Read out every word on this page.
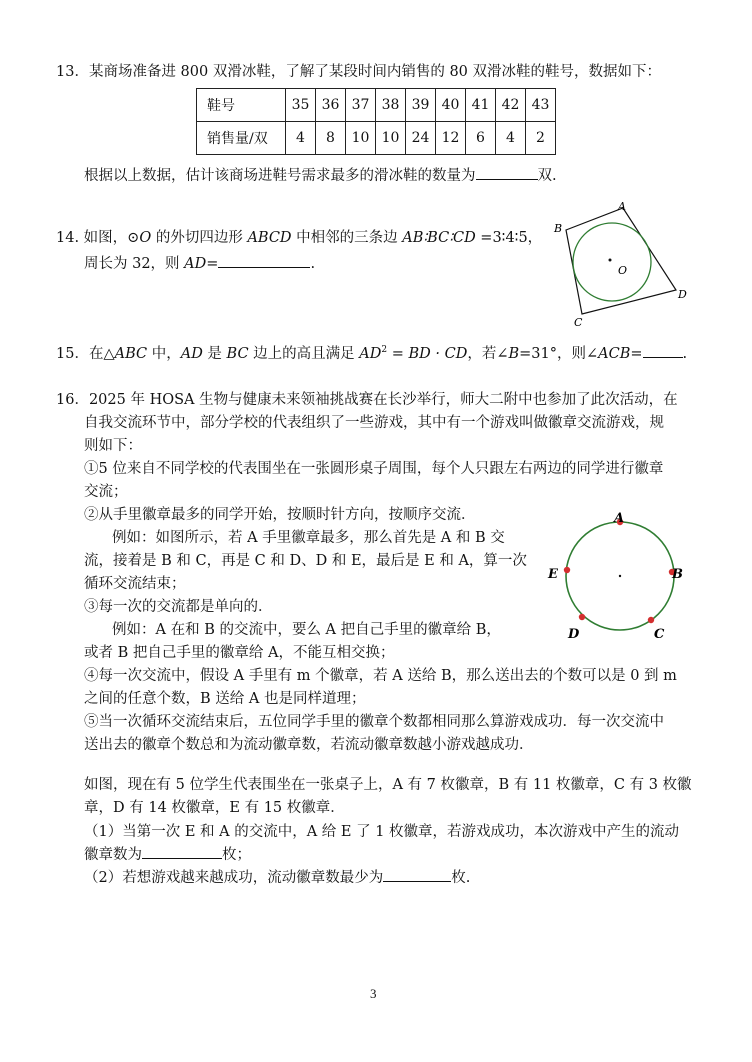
13．某商场准备进 800 双滑冰鞋，了解了某段时间内销售的 80 双滑冰鞋的鞋号，数据如下：
鞋号	35	36	37	38	39	40	41	42	43
销售量/双	4	8	10	10	24	12	6	4	2
根据以上数据，估计该商场进鞋号需求最多的滑冰鞋的数量为	双.
14. 如图，⊙O 的外切四边形 ABCD 中相邻的三条边 AB∶BC∶CD =3∶4∶5，
周长为 32，则 AD=	.	O
A
B
C
D
15．在△ABC 中，AD 是 BC 边上的高且满足 $AD^2$ = BD · CD，若∠B=31°，则∠ACB=	.
16．2025 年 HOSA 生物与健康未来领袖挑战赛在长沙举行，师大二附中也参加了此次活动，在
自我交流环节中，部分学校的代表组织了一些游戏，其中有一个游戏叫做徽章交流游戏，规
则如下：
①5 位来自不同学校的代表围坐在一张圆形桌子周围，每个人只跟左右两边的同学进行徽章
交流；
②从手里徽章最多的同学开始，按顺时针方向，按顺序交流．
例如：如图所示，若 A 手里徽章最多，那么首先是 A 和 B 交
流，接着是 B 和 C，再是 C 和 D、D 和 E，最后是 E 和 A，算一次
循环交流结束；
③每一次的交流都是单向的．
例如：A 在和 B 的交流中，要么 A 把自己手里的徽章给 B，
或者 B 把自己手里的徽章给 A，不能互相交换；
④每一次交流中，假设 A 手里有 m 个徽章，若 A 送给 B，那么送出去的个数可以是 0 到 m
之间的任意个数，B 送给 A 也是同样道理；
⑤当一次循环交流结束后，五位同学手里的徽章个数都相同那么算游戏成功．每一次交流中
送出去的徽章个数总和为流动徽章数，若流动徽章数越小游戏越成功．
A
B
C
D
E
如图，现在有 5 位学生代表围坐在一张桌子上，A 有 7 枚徽章，B 有 11 枚徽章，C 有 3 枚徽
章，D 有 14 枚徽章，E 有 15 枚徽章．
（1）当第一次 E 和 A 的交流中，A 给 E 了 1 枚徽章，若游戏成功，本次游戏中产生的流动
徽章数为	枚；
（2）若想游戏越来越成功，流动徽章数最少为	枚.
3
